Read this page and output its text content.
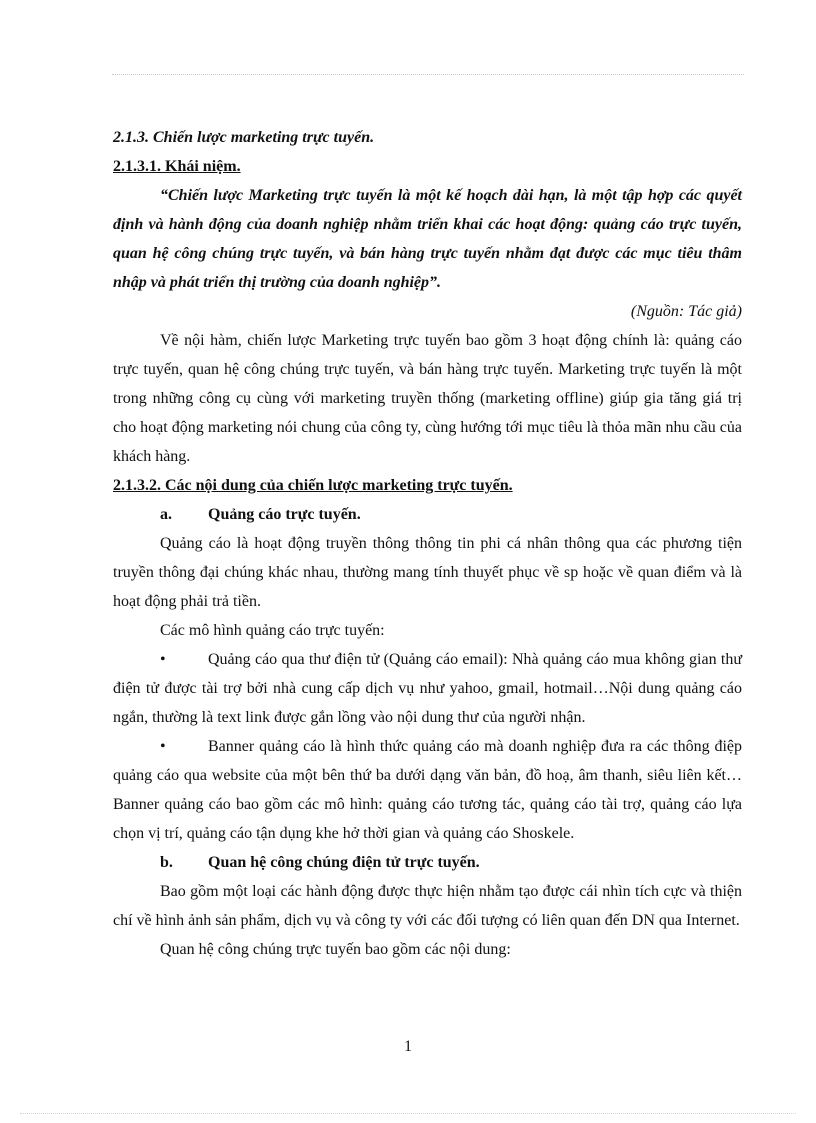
2.1.3. Chiến lược marketing trực tuyến.

2.1.3.1. Khái niệm.

“Chiến lược Marketing trực tuyến là một kế hoạch dài hạn, là một tập hợp các quyết định và hành động của doanh nghiệp nhằm triển khai các hoạt động: quảng cáo trực tuyến, quan hệ công chúng trực tuyến, và bán hàng trực tuyến nhằm đạt được các mục tiêu thâm nhập và phát triển thị trường của doanh nghiệp”.

(Nguồn: Tác giả)

Về nội hàm, chiến lược Marketing trực tuyến bao gồm 3 hoạt động chính là: quảng cáo trực tuyến, quan hệ công chúng trực tuyến, và bán hàng trực tuyến. Marketing trực tuyến là một trong những công cụ cùng với marketing truyền thống (marketing offline) giúp gia tăng giá trị cho hoạt động marketing nói chung của công ty, cùng hướng tới mục tiêu là thỏa mãn nhu cầu của khách hàng.

2.1.3.2. Các nội dung của chiến lược marketing trực tuyến.

a.	Quảng cáo trực tuyến.

Quảng cáo là hoạt động truyền thông thông tin phi cá nhân thông qua các phương tiện truyền thông đại chúng khác nhau, thường mang tính thuyết phục về sp hoặc về quan điểm và là hoạt động phải trả tiền.

Các mô hình quảng cáo trực tuyến:

•	Quảng cáo qua thư điện tử (Quảng cáo email): Nhà quảng cáo mua không gian thư điện tử được tài trợ bởi nhà cung cấp dịch vụ như yahoo, gmail, hotmail…Nội dung quảng cáo ngắn, thường là text link được gắn lồng vào nội dung thư của người nhận.

•	Banner quảng cáo là hình thức quảng cáo mà doanh nghiệp đưa ra các thông điệp quảng cáo qua website của một bên thứ ba dưới dạng văn bản, đồ hoạ, âm thanh, siêu liên kết… Banner quảng cáo bao gồm các mô hình: quảng cáo tương tác, quảng cáo tài trợ, quảng cáo lựa chọn vị trí, quảng cáo tận dụng khe hở thời gian và quảng cáo Shoskele.

b.	Quan hệ công chúng điện tử trực tuyến.

Bao gồm một loại các hành động được thực hiện nhằm tạo được cái nhìn tích cực và thiện chí về hình ảnh sản phẩm, dịch vụ và công ty với các đối tượng có liên quan đến DN qua Internet.

Quan hệ công chúng trực tuyến bao gồm các nội dung:

1
